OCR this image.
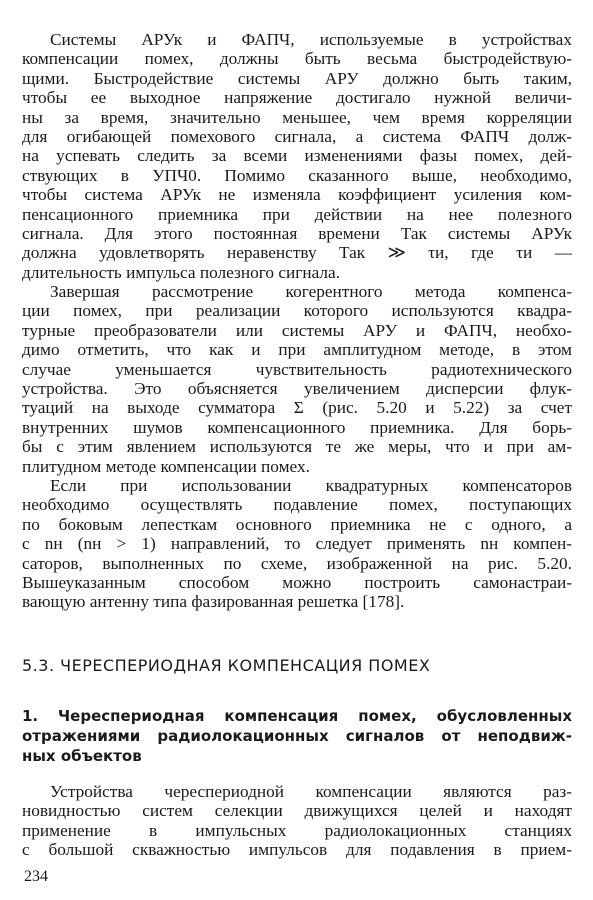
Системы АРУк и ФАПЧ, используемые в устройствах
компенсации помех, должны быть весьма быстродействую-
щими. Быстродействие системы АРУ должно быть таким,
чтобы ее выходное напряжение достигало нужной величи-
ны за время, значительно меньшее, чем время корреляции
для огибающей помехового сигнала, а система ФАПЧ долж-
на успевать следить за всеми изменениями фазы помех, дей-
ствующих в УПЧ0. Помимо сказанного выше, необходимо,
чтобы система АРУк не изменяла коэффициент усиления ком-
пенсационного приемника при действии на нее полезного
сигнала. Для этого постоянная времени Так системы АРУк
должна удовлетворять неравенству Так ≫ τи, где τи —
длительность импульса полезного сигнала.
Завершая рассмотрение когерентного метода компенса-
ции помех, при реализации которого используются квадра-
турные преобразователи или системы АРУ и ФАПЧ, необхо-
димо отметить, что как и при амплитудном методе, в этом
случае уменьшается чувствительность радиотехнического
устройства. Это объясняется увеличением дисперсии флук-
туаций на выходе сумматора Σ (рис. 5.20 и 5.22) за счет
внутренних шумов компенсационного приемника. Для борь-
бы с этим явлением используются те же меры, что и при ам-
плитудном методе компенсации помех.
Если при использовании квадратурных компенсаторов
необходимо осуществлять подавление помех, поступающих
по боковым лепесткам основного приемника не с одного, а
с nн (nн > 1) направлений, то следует применять nн компен-
саторов, выполненных по схеме, изображенной на рис. 5.20.
Вышеуказанным способом можно построить самонастраи-
вающую антенну типа фазированная решетка [178].
5.3. ЧЕРЕСПЕРИОДНАЯ КОМПЕНСАЦИЯ ПОМЕХ
1. Череспериодная компенсация помех, обусловленных
отражениями радиолокационных сигналов от неподвиж-
ных объектов
Устройства череспериодной компенсации являются раз-
новидностью систем селекции движущихся целей и находят
применение в импульсных радиолокационных станциях
с большой скважностью импульсов для подавления в прием-
234
